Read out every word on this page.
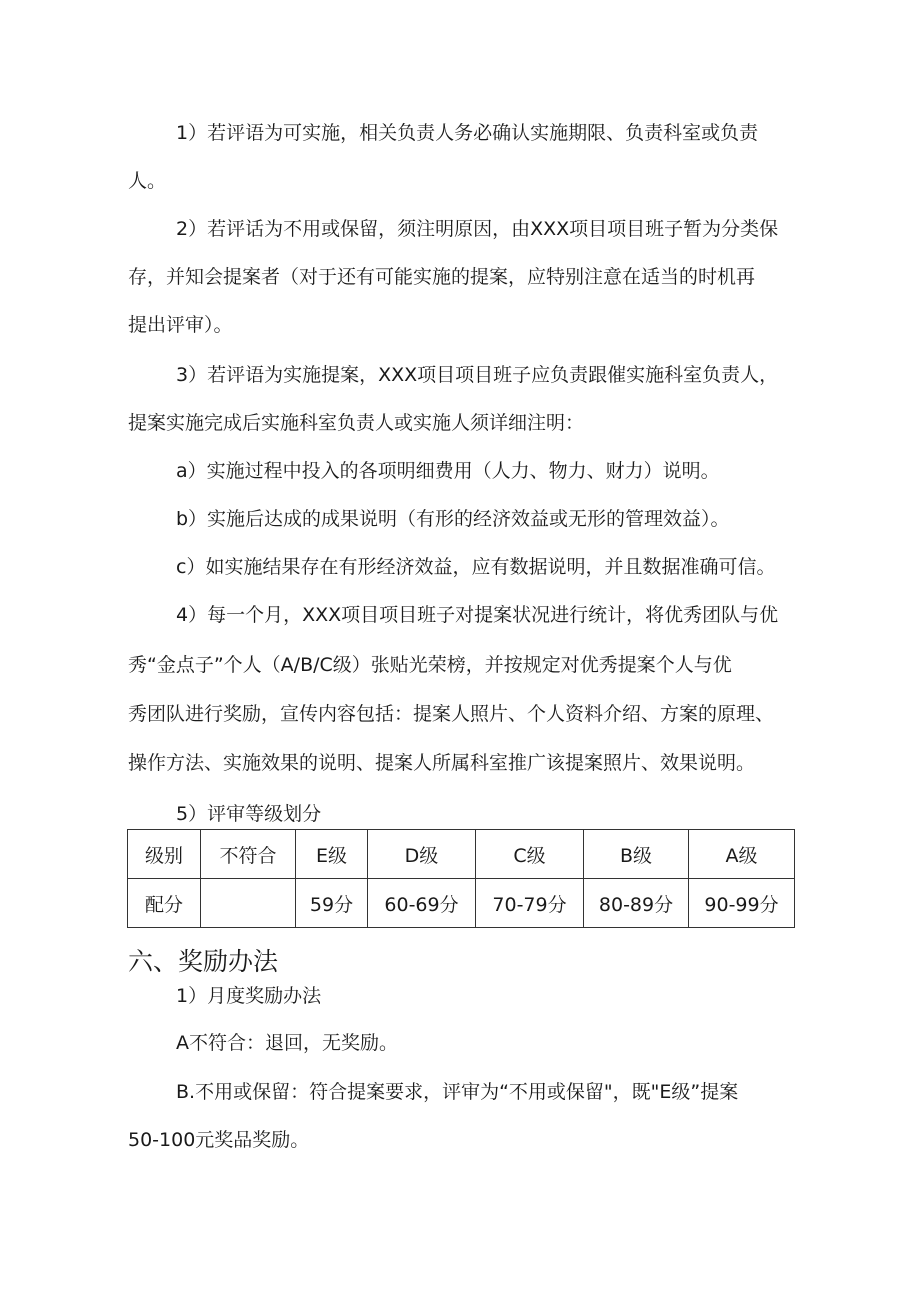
1）若评语为可实施，相关负责人务必确认实施期限、负责科室或负责

人。

2）若评话为不用或保留，须注明原因，由XXX项目项目班子暂为分类保

存，并知会提案者（对于还有可能实施的提案，应特别注意在适当的时机再

提出评审）。

3）若评语为实施提案，XXX项目项目班子应负责跟催实施科室负责人，

提案实施完成后实施科室负责人或实施人须详细注明：

a）实施过程中投入的各项明细费用（人力、物力、财力）说明。

b）实施后达成的成果说明（有形的经济效益或无形的管理效益）。

c）如实施结果存在有形经济效益，应有数据说明，并且数据准确可信。

4）每一个月，XXX项目项目班子对提案状况进行统计，将优秀团队与优

秀“金点子”个人（A/B/C级）张贴光荣榜，并按规定对优秀提案个人与优

秀团队进行奖励，宣传内容包括：提案人照片、个人资料介绍、方案的原理、

操作方法、实施效果的说明、提案人所属科室推广该提案照片、效果说明。

5）评审等级划分

级别	不符合	E级	D级	C级	B级	A级
配分		59分	60-69分	70-79分	80-89分	90-99分
六、奖励办法

1）月度奖励办法

A不符合：退回，无奖励。

B.不用或保留：符合提案要求，评审为“不用或保留"，既"E级”提案

50-100元奖品奖励。
